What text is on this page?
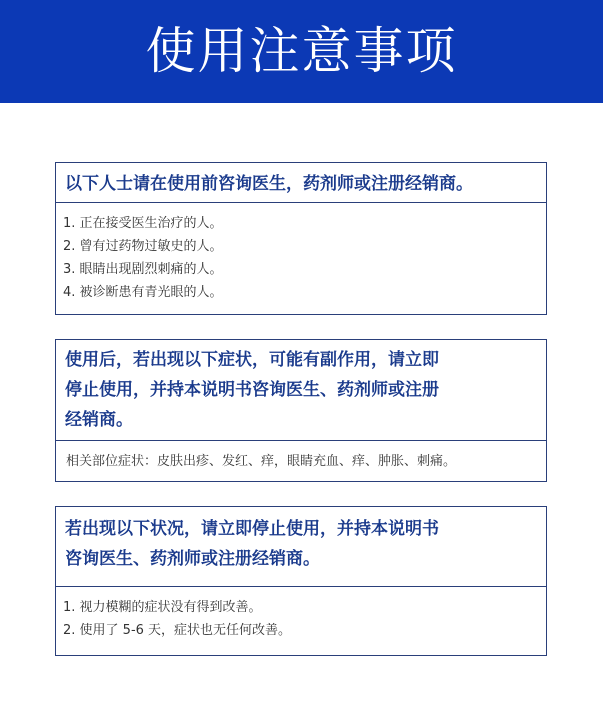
使用注意事项
以下人士请在使用前咨询医生，药剂师或注册经销商。
1. 正在接受医生治疗的人。
2. 曾有过药物过敏史的人。
3. 眼睛出现剧烈刺痛的人。
4. 被诊断患有青光眼的人。
使用后，若出现以下症状，可能有副作用，请立即
停止使用，并持本说明书咨询医生、药剂师或注册
经销商。
相关部位症状：皮肤出疹、发红、痒，眼睛充血、痒、肿胀、刺痛。
若出现以下状况，请立即停止使用，并持本说明书
咨询医生、药剂师或注册经销商。
1. 视力模糊的症状没有得到改善。
2. 使用了 5-6 天，症状也无任何改善。
